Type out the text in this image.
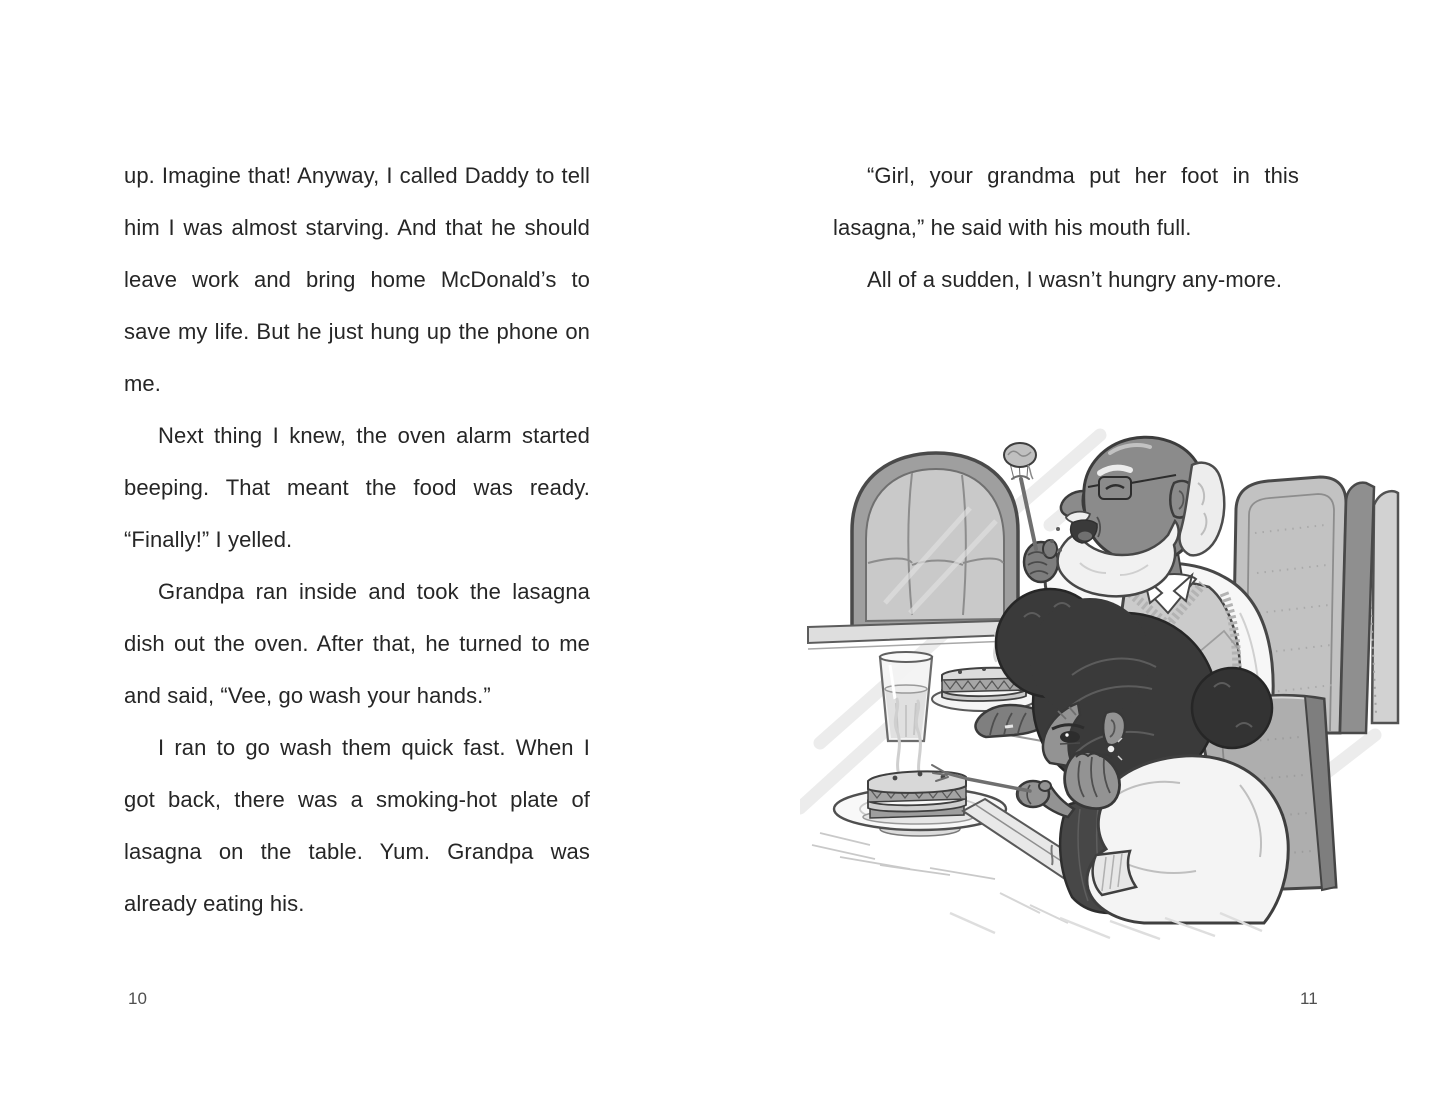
up. Imagine that! Anyway, I called Daddy to tell him I was almost starving. And that he should leave work and bring home McDonald’s to save my life. But he just hung up the phone on me.

Next thing I knew, the oven alarm started beeping. That meant the food was ready. “Finally!” I yelled.

Grandpa ran inside and took the lasagna dish out the oven. After that, he turned to me and said, “Vee, go wash your hands.”

I ran to go wash them quick fast. When I got back, there was a smoking-hot plate of lasagna on the table. Yum. Grandpa was already eating his.

10

“Girl, your grandma put her foot in this lasagna,” he said with his mouth full.

All of a sudden, I wasn’t hungry any-more.

11
